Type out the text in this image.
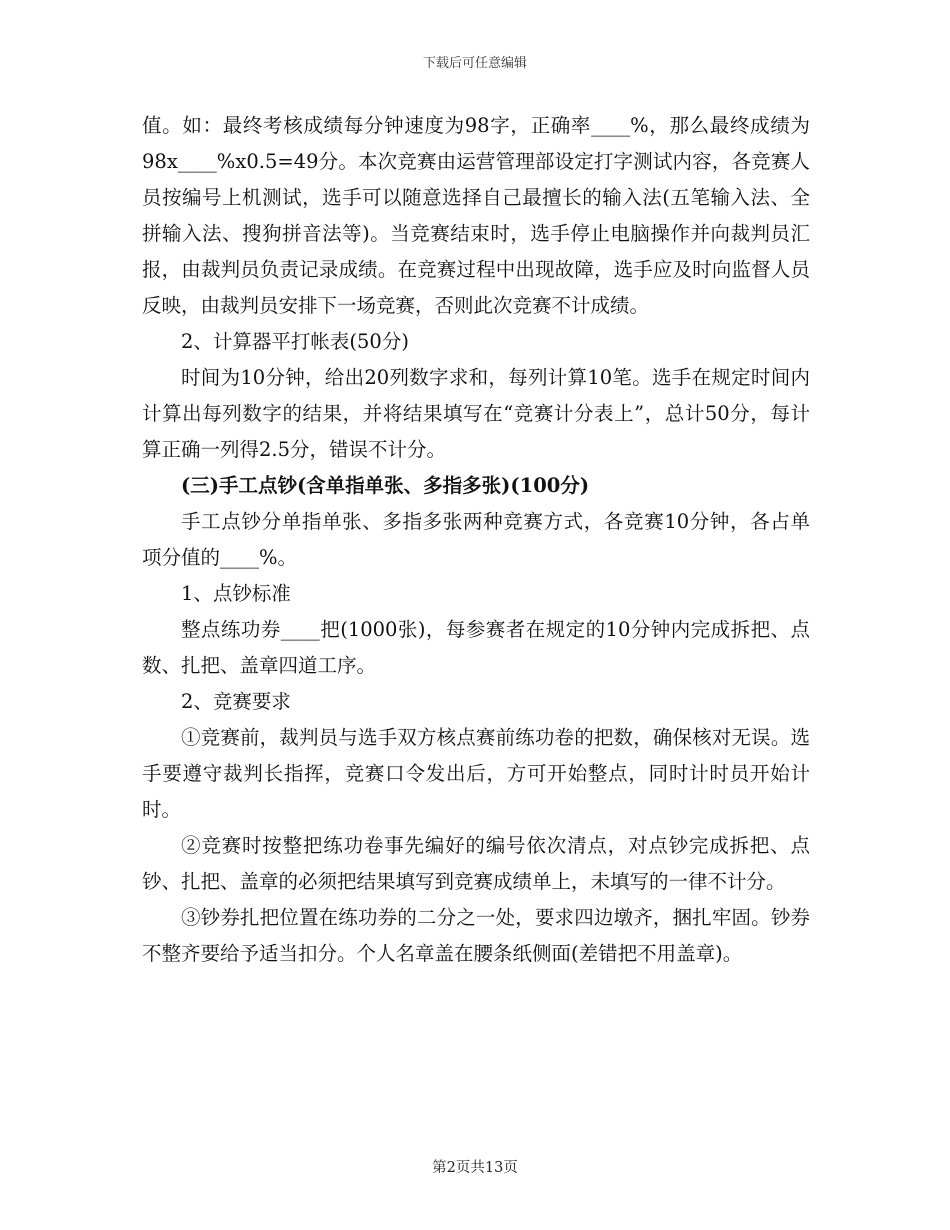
下载后可任意编辑

值。如：最终考核成绩每分钟速度为98字，正确率____%，那么最终成绩为98x____%x0.5=49分。本次竞赛由运营管理部设定打字测试内容，各竞赛人员按编号上机测试，选手可以随意选择自己最擅长的输入法(五笔输入法、全拼输入法、搜狗拼音法等)。当竞赛结束时，选手停止电脑操作并向裁判员汇报，由裁判员负责记录成绩。在竞赛过程中出现故障，选手应及时向监督人员反映，由裁判员安排下一场竞赛，否则此次竞赛不计成绩。

2、计算器平打帐表(50分)

时间为10分钟，给出20列数字求和，每列计算10笔。选手在规定时间内计算出每列数字的结果，并将结果填写在“竞赛计分表上”，总计50分，每计算正确一列得2.5分，错误不计分。

(三)手工点钞(含单指单张、多指多张)(100分)

手工点钞分单指单张、多指多张两种竞赛方式，各竞赛10分钟，各占单项分值的____%。

1、点钞标准

整点练功券____把(1000张)，每参赛者在规定的10分钟内完成拆把、点数、扎把、盖章四道工序。

2、竞赛要求

①竞赛前，裁判员与选手双方核点赛前练功卷的把数，确保核对无误。选手要遵守裁判长指挥，竞赛口令发出后，方可开始整点，同时计时员开始计时。

②竞赛时按整把练功卷事先编好的编号依次清点，对点钞完成拆把、点钞、扎把、盖章的必须把结果填写到竞赛成绩单上，未填写的一律不计分。

③钞券扎把位置在练功券的二分之一处，要求四边墩齐，捆扎牢固。钞券不整齐要给予适当扣分。个人名章盖在腰条纸侧面(差错把不用盖章)。

第2页共13页
